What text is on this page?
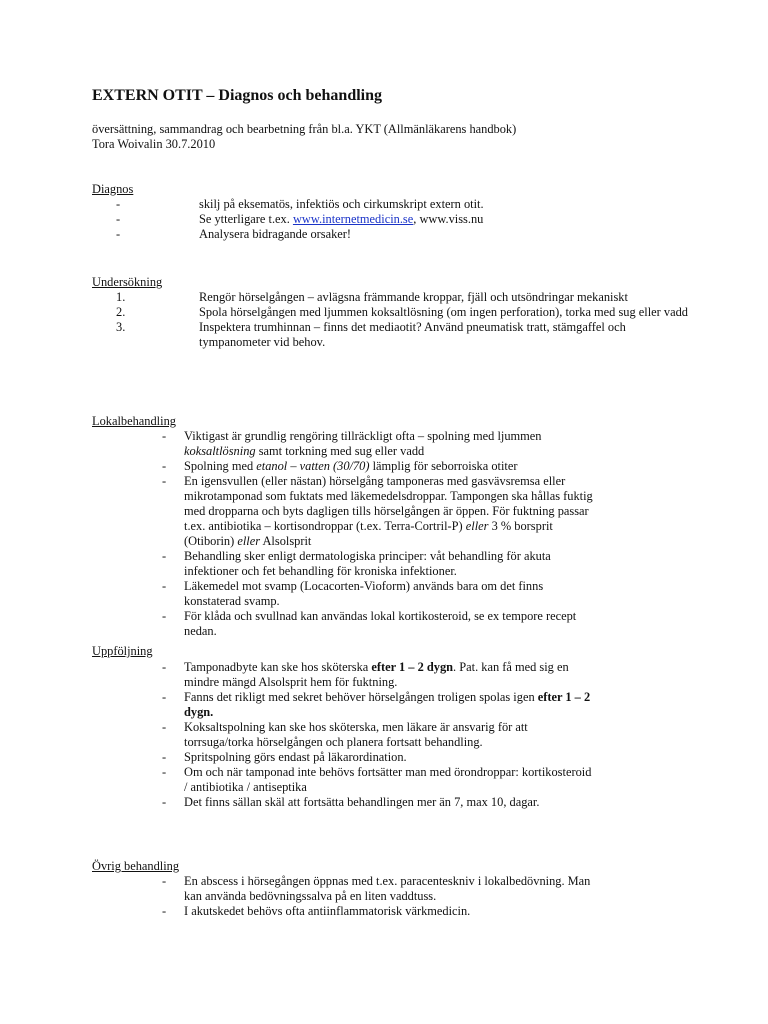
EXTERN OTIT – Diagnos och behandling
översättning, sammandrag och bearbetning från bl.a. YKT (Allmänläkarens handbok)
Tora Woivalin 30.7.2010
Diagnos
-	skilj på eksematös, infektiös och cirkumskript extern otit.
-	Se ytterligare t.ex. www.internetmedicin.se, www.viss.nu
-	Analysera bidragande orsaker!
Undersökning
1.	Rengör hörselgången – avlägsna främmande kroppar, fjäll och utsöndringar mekaniskt
2.	Spola hörselgången med ljummen koksaltlösning (om ingen perforation), torka med sug eller vadd
3.	Inspektera trumhinnan – finns det mediaotit? Använd pneumatisk tratt, stämgaffel och tympanometer vid behov.
Lokalbehandling
- Viktigast är grundlig rengöring tillräckligt ofta – spolning med ljummen koksaltlösning samt torkning med sug eller vadd
- Spolning med etanol – vatten (30/70) lämplig för seborroiska otiter
- En igensvullen (eller nästan) hörselgång tamponeras med gasvävsremsa eller mikrotamponad som fuktats med läkemedelsdroppar. Tampongen ska hållas fuktig med dropparna och byts dagligen tills hörselgången är öppen. För fuktning passar t.ex. antibiotika – kortisondroppar (t.ex. Terra-Cortril-P) eller 3 % borsprit (Otiborin) eller Alsolsprit
- Behandling sker enligt dermatologiska principer: våt behandling för akuta infektioner och fet behandling för kroniska infektioner.
- Läkemedel mot svamp (Locacorten-Vioform) används bara om det finns konstaterad svamp.
- För klåda och svullnad kan användas lokal kortikosteroid, se ex tempore recept nedan.
Uppföljning
- Tamponadbyte kan ske hos sköterska efter 1 – 2 dygn. Pat. kan få med sig en mindre mängd Alsolsprit hem för fuktning.
- Fanns det rikligt med sekret behöver hörselgången troligen spolas igen efter 1 – 2 dygn.
- Koksaltspolning kan ske hos sköterska, men läkare är ansvarig för att torrsuga/torka hörselgången och planera fortsatt behandling.
- Spritspolning görs endast på läkarordination.
- Om och när tamponad inte behövs fortsätter man med örondroppar: kortikosteroid / antibiotika / antiseptika
- Det finns sällan skäl att fortsätta behandlingen mer än 7, max 10, dagar.
Övrig behandling
- En abscess i hörsegången öppnas med t.ex. paracenteskniv i lokalbedövning. Man kan använda bedövningssalva på en liten vaddtuss.
- I akutskedet behövs ofta antiinflammatorisk värkmedicin.
